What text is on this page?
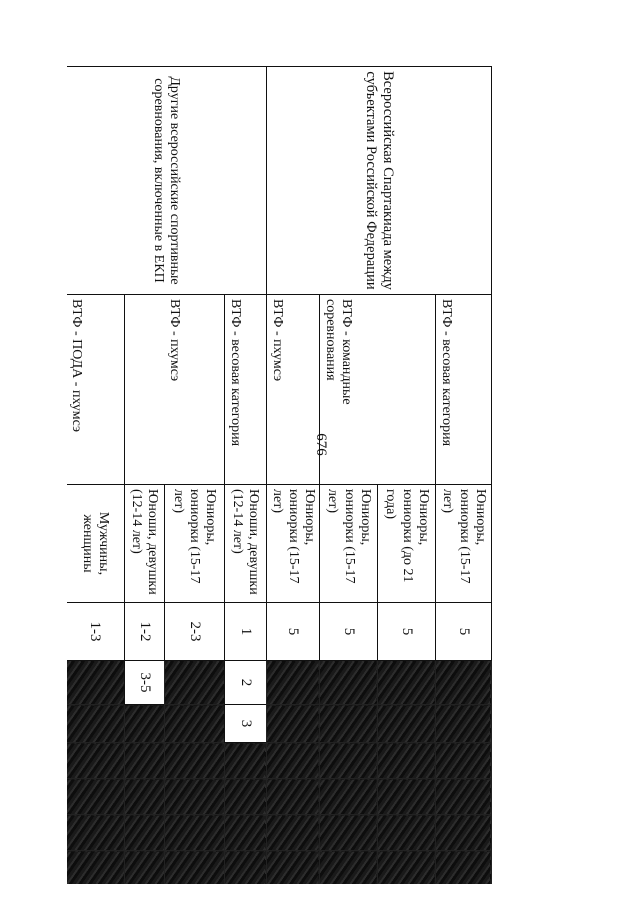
676
Всероссийская Спартакиада между субъектами Российской Федерации	ВТФ - весовая категория	Юниоры, юниорки (15-17 лет)	5						
	ВТФ - командные соревнования	Юниоры, юниорки (до 21 года)	5						
		Юниоры, юниорки (15-17 лет)	5						
	ВТФ - пхумсэ	Юниоры, юниорки (15-17 лет)	5						
Другие всероссийские спортивные соревнования, включенные в ЕКП	ВТФ - весовая категория	Юноши, девушки (12-14 лет)	1	2	3				
	ВТФ - пхумсэ	Юниоры, юниорки (15-17 лет)	2-3						
		Юноши, девушки (12-14 лет)	1-2	3-5					
	ВТФ - ПОДА - пхумсэ	Мужчины, женщины	1-3						
